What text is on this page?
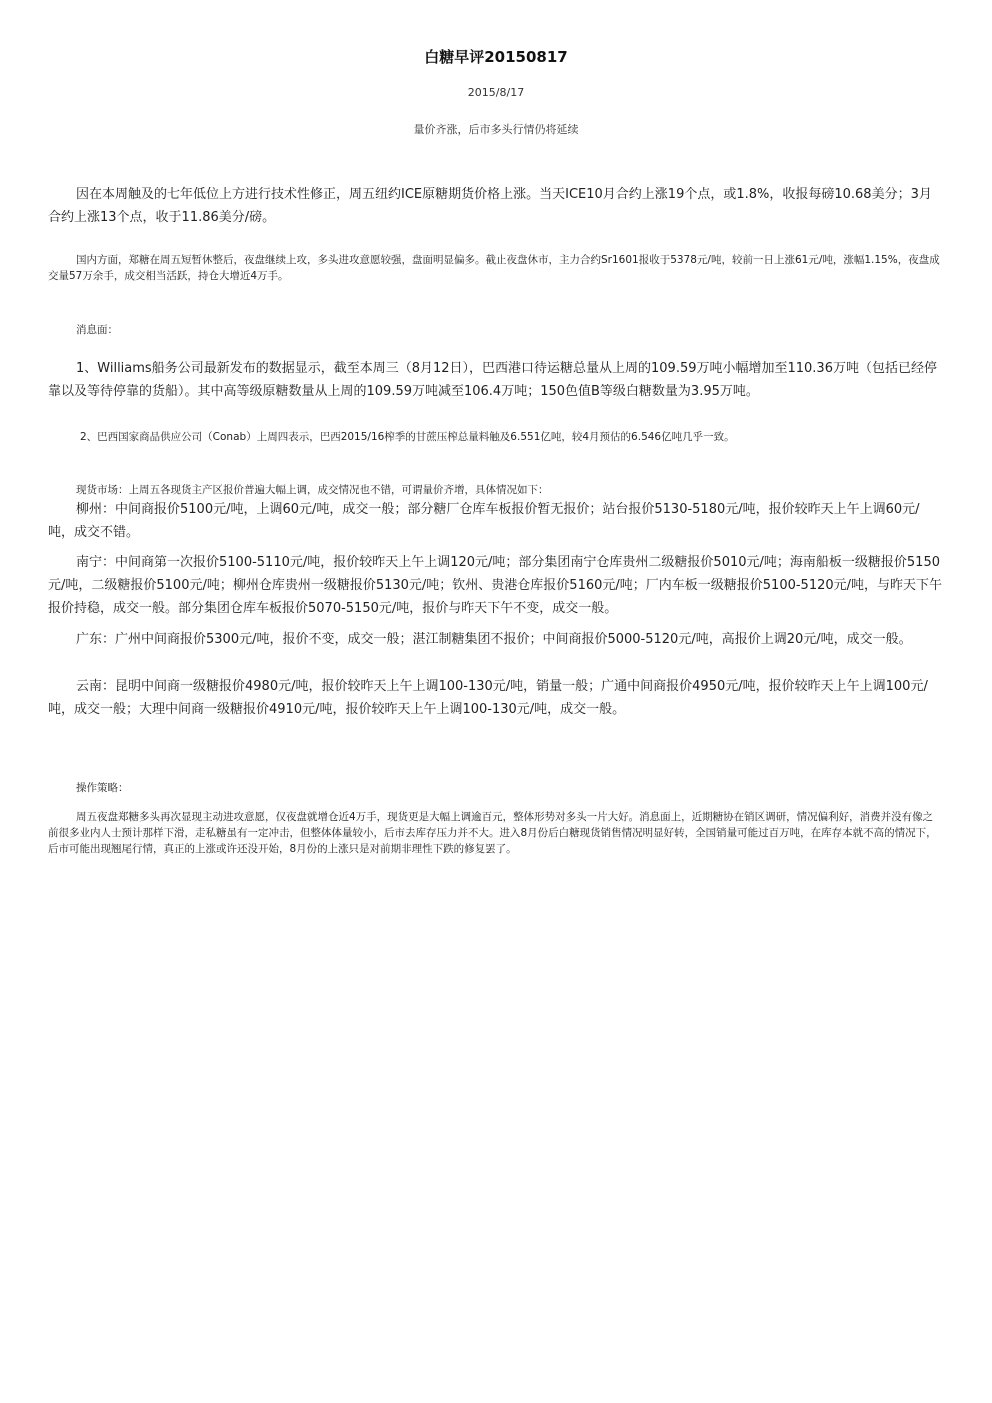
白糖早评20150817
2015/8/17
量价齐涨，后市多头行情仍将延续

因在本周触及的七年低位上方进行技术性修正，周五纽约ICE原糖期货价格上涨。当天ICE10月合约上涨19个点，或1.8%，收报每磅10.68美分；3月合约上涨13个点，收于11.86美分/磅。

国内方面，郑糖在周五短暂休整后，夜盘继续上攻，多头进攻意愿较强，盘面明显偏多。截止夜盘休市，主力合约Sr1601报收于5378元/吨，较前一日上涨61元/吨，涨幅1.15%，夜盘成交量57万余手，成交相当活跃，持仓大增近4万手。

消息面：

1、Williams船务公司最新发布的数据显示，截至本周三（8月12日），巴西港口待运糖总量从上周的109.59万吨小幅增加至110.36万吨（包括已经停靠以及等待停靠的货船）。其中高等级原糖数量从上周的109.59万吨减至106.4万吨；150色值B等级白糖数量为3.95万吨。

2、巴西国家商品供应公司（Conab）上周四表示，巴西2015/16榨季的甘蔗压榨总量料触及6.551亿吨，较4月预估的6.546亿吨几乎一致。

现货市场：上周五各现货主产区报价普遍大幅上调，成交情况也不错，可谓量价齐增，具体情况如下：

柳州：中间商报价5100元/吨，上调60元/吨，成交一般；部分糖厂仓库车板报价暂无报价；站台报价5130-5180元/吨，报价较昨天上午上调60元/吨，成交不错。

南宁：中间商第一次报价5100-5110元/吨，报价较昨天上午上调120元/吨；部分集团南宁仓库贵州二级糖报价5010元/吨；海南船板一级糖报价5150元/吨，二级糖报价5100元/吨；柳州仓库贵州一级糖报价5130元/吨；钦州、贵港仓库报价5160元/吨；厂内车板一级糖报价5100-5120元/吨，与昨天下午报价持稳，成交一般。部分集团仓库车板报价5070-5150元/吨，报价与昨天下午不变，成交一般。

广东：广州中间商报价5300元/吨，报价不变，成交一般；湛江制糖集团不报价；中间商报价5000-5120元/吨，高报价上调20元/吨，成交一般。

云南：昆明中间商一级糖报价4980元/吨，报价较昨天上午上调100-130元/吨，销量一般；广通中间商报价4950元/吨，报价较昨天上午上调100元/吨，成交一般；大理中间商一级糖报价4910元/吨，报价较昨天上午上调100-130元/吨，成交一般。

操作策略：

周五夜盘郑糖多头再次显现主动进攻意愿，仅夜盘就增仓近4万手，现货更是大幅上调逾百元，整体形势对多头一片大好。消息面上，近期糖协在销区调研，情况偏利好，消费并没有像之前很多业内人士预计那样下滑，走私糖虽有一定冲击，但整体体量较小，后市去库存压力并不大。进入8月份后白糖现货销售情况明显好转，全国销量可能过百万吨，在库存本就不高的情况下，后市可能出现翘尾行情，真正的上涨或许还没开始，8月份的上涨只是对前期非理性下跌的修复罢了。
